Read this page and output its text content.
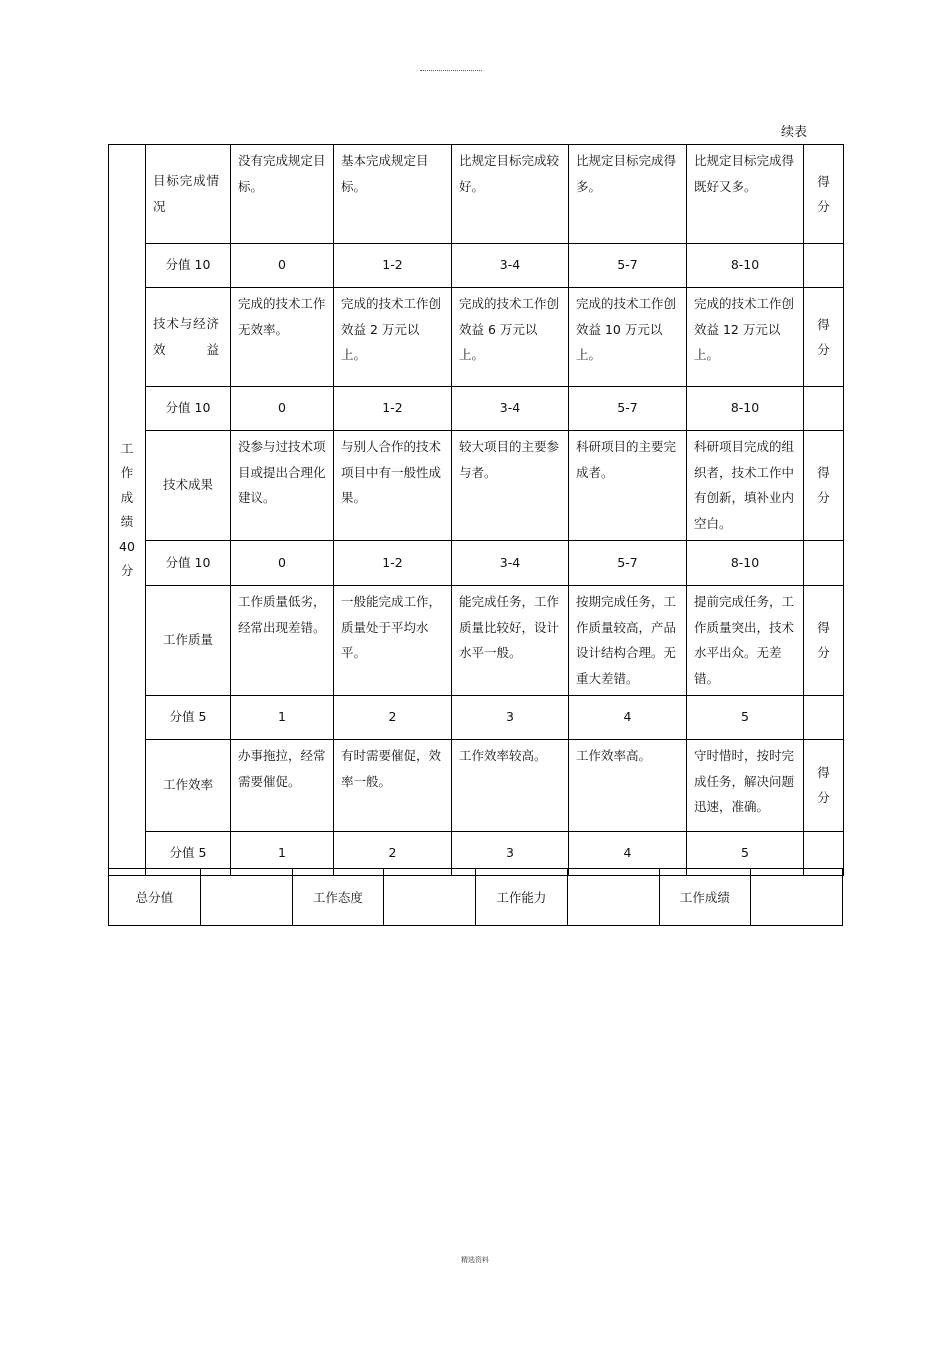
续表
工作成绩40分	目标完成情况	没有完成规定目标。	基本完成规定目标。	比规定目标完成较好。	比规定目标完成得多。	比规定目标完成得既好又多。	得分
	分值 10	0	1-2	3-4	5-7	8-10	

	技术与经济效益	完成的技术工作无效率。	完成的技术工作创效益 2 万元以上。	完成的技术工作创效益 6 万元以上。	完成的技术工作创效益 10 万元以上。	完成的技术工作创效益 12 万元以上。	得分
	分值 10	0	1-2	3-4	5-7	8-10	
	技术成果	没参与过技术项目或提出合理化建议。	与别人合作的技术项目中有一般性成果。	较大项目的主要参与者。	科研项目的主要完成者。	科研项目完成的组织者，技术工作中有创新，填补业内空白。	得分
	分值 10	0	1-2	3-4	5-7	8-10	
	工作质量	工作质量低劣，经常出现差错。	一般能完成工作，质量处于平均水平。	能完成任务，工作质量比较好，设计水平一般。	按期完成任务，工作质量较高，产品设计结构合理。无重大差错。	提前完成任务，工作质量突出，技术水平出众。无差错。	得分
	分值 5	1	2	3	4	5	
	工作效率	办事拖拉，经常需要催促。	有时需要催促，效率一般。	工作效率较高。	工作效率高。	守时惜时，按时完成任务，解决问题迅速，准确。	得分
	分值 5	1	2	3	4	5	
总分值		工作态度		工作能力		工作成绩	
精选资料
